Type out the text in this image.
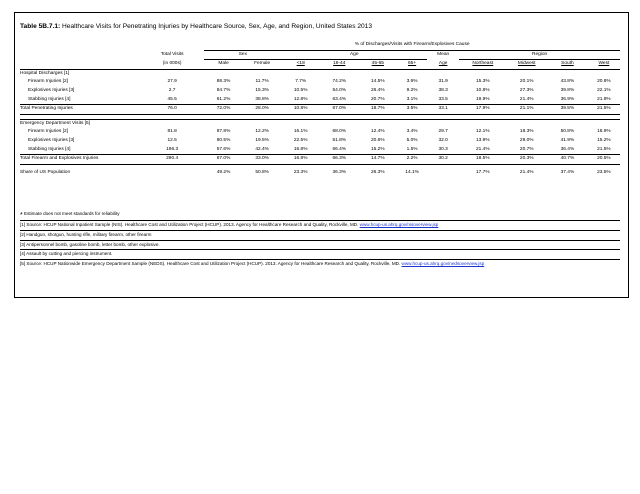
Table 5B.7.1: Healthcare Visits for Penetrating Injuries by Healthcare Source, Sex, Age, and Region, United States 2013
		% of Discharges/Visits with Firearm/Explosives Cause										
	Total Visits	Sex		Age				Mean	Region			
	(in 000s)	Male	Female	<18	18-44	45-65	65+	Age	Northeast	Midwest	South	West
Hospital Discharges [1]												
Firearm Injuries [2]	27.9	88.3%	11.7%	7.7%	74.2%	14.5%	3.6%	31.9	15.3%	20.1%	43.8%	20.8%
Explosives Injuries [3]	2.7	84.7%	15.3%	10.5%	54.0%	26.4%	9.2%	38.3	10.8%	27.3%	39.8%	22.1%
Stabbing Injuries [4]	45.5	61.2%	38.8%	12.8%	63.4%	20.7%	3.1%	33.5	19.9%	21.4%	36.9%	21.9%
Total Penetrating Injuries	76.0	72.0%	28.0%	10.8%	67.0%	18.7%	3.5%	33.1	17.9%	21.1%	39.5%	21.5%

Emergency Department Visits [5]												
Firearm Injuries [2]	81.8	87.8%	12.2%	16.1%	68.0%	12.4%	3.4%	29.7	12.1%	18.3%	50.8%	18.9%
Explosives Injuries [3]	12.5	80.5%	19.5%	22.5%	51.8%	20.6%	5.0%	32.0	13.9%	29.0%	41.9%	15.2%
Stabbing Injuries [4]	196.3	57.6%	42.4%	16.8%	66.4%	15.2%	1.5%	30.3	21.4%	20.7%	36.4%	21.5%
Total Firearm and Explosives Injuries	290.4	67.0%	33.0%	16.8%	66.3%	14.7%	2.2%	30.2	18.5%	20.3%	40.7%	20.5%

Share of US Population		49.2%	50.8%	23.3%	36.3%	26.3%	14.1%		17.7%	21.4%	37.4%	23.5%
* Estimate does not meet standards for reliability
[1] Source: HCUP National Inpatient Sample (NIS). Healthcare Cost and Utilization Project (HCUP). 2013. Agency for Healthcare Research and Quality, Rockville, MD. www.hcup-us.ahrq.gov/nisoverview.jsp
[2] Handgun, shotgun, hunting rifle, military firearm, other firearm
[3] Antipersonnel bomb, gasoline bomb, letter bomb, other explosive.
[4] Assault by cutting and piercing instrument.
[5] Source: HCUP Nationwide Emergency Department Sample (NEDS). Healthcare Cost and Utilization Project (HCUP). 2013. Agency for Healthcare Research and Quality, Rockville, MD. www.hcup-us.ahrq.gov/nedsoverview.jsp
